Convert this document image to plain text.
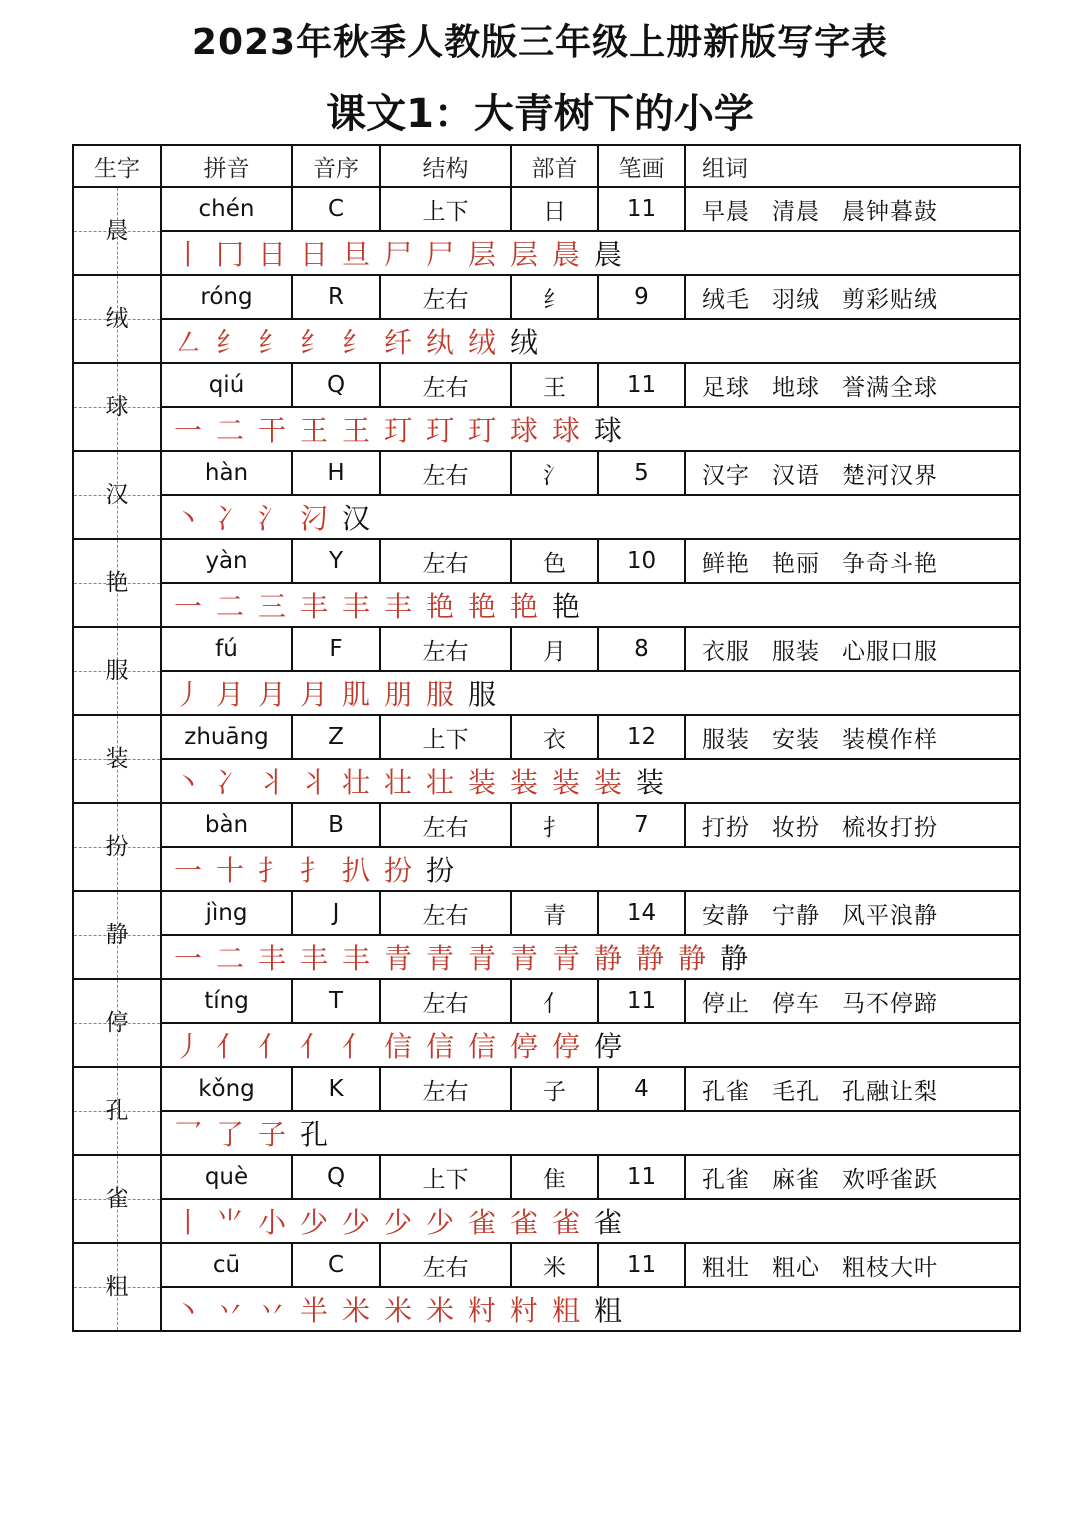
2023年秋季人教版三年级上册新版写字表
课文1：大青树下的小学
生字	拼音	音序	结构	部首	笔画	组词

晨	chén	C	上下	日	11	早晨 清晨 晨钟暮鼓
	丨 冂 日 日 旦 尸 尸 层 层 晨 晨					

绒	róng	R	左右	纟	9	绒毛 羽绒 剪彩贴绒
	㇜ 纟 纟 纟 纟 纤 纨 绒 绒					

球	qiú	Q	左右	王	11	足球 地球 誉满全球
	一 二 干 王 王 玎 玎 玎 球 球 球					

汉	hàn	H	左右	氵	5	汉字 汉语 楚河汉界
	丶 冫 氵 汈 汉					

艳	yàn	Y	左右	色	10	鲜艳 艳丽 争奇斗艳
	一 二 三 丰 丰 丰 艳 艳 艳 艳					

服	fú	F	左右	月	8	衣服 服装 心服口服
	丿 月 月 月 肌 朋 服 服					

装	zhuāng	Z	上下	衣	12	服装 安装 装模作样
	丶 冫 丬 丬 壮 壮 壮 装 装 装 装 装					

扮	bàn	B	左右	扌	7	打扮 妆扮 梳妆打扮
	一 十 扌 扌 扒 扮 扮					

静	jìng	J	左右	青	14	安静 宁静 风平浪静
	一 二 丰 丰 丰 青 青 青 青 青 静 静 静 静					

停	tíng	T	左右	亻	11	停止 停车 马不停蹄
	丿 亻 亻 亻 亻 信 信 信 停 停 停					

孔	kǒng	K	左右	子	4	孔雀 毛孔 孔融让梨
	乛 了 子 孔					

雀	què	Q	上下	隹	11	孔雀 麻雀 欢呼雀跃
	丨 ⺌ 小 少 少 少 少 雀 雀 雀 雀					

粗	cū	C	左右	米	11	粗壮 粗心 粗枝大叶
	丶 丷 丷 半 米 米 米 籿 籿 粗 粗					
